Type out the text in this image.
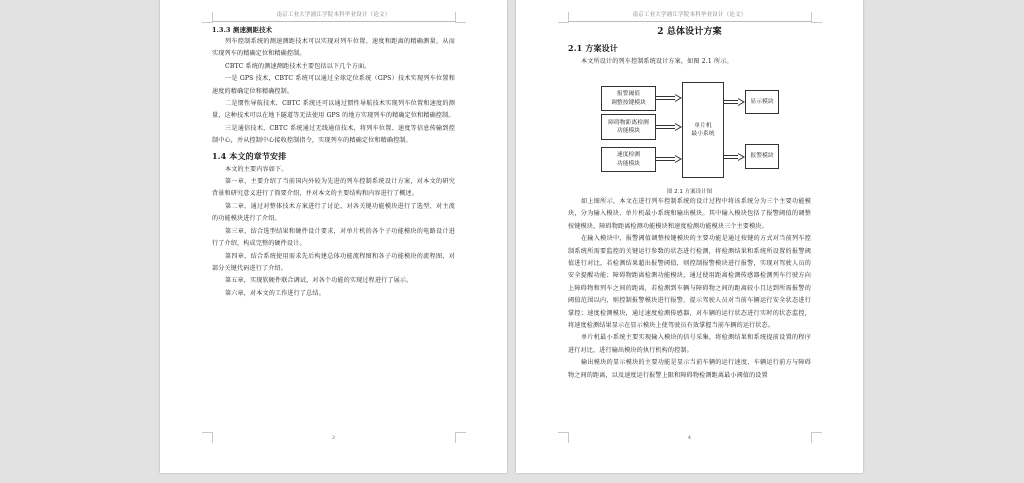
南京工业大学浦江学院本科毕业设计（论文）
1.3.3 测速测距技术

列车控制系统的测速测距技术可以实现对列车位置、速度和距离的精确测量，从而实现列车的精确定位和精确控制。

CBTC 系统的测速测距技术主要包括以下几个方面。

一是 GPS 技术，CBTC 系统可以通过全球定位系统（GPS）技术实现列车位置和速度的精确定位和精确控制。

二是惯性导航技术，CBTC 系统还可以通过惯性导航技术实现列车位置和速度的测量，这种技术可以在地下隧道等无法使用 GPS 的地方实现列车的精确定位和精确控制。

三是通信技术，CBTC 系统通过无线通信技术，将列车位置、速度等信息传输到控制中心，并从控制中心接收控制指令，实现列车的精确定位和精确控制。

1.4 本文的章节安排

本文的主要内容如下。

第一章，主要介绍了当前国内外较为先进的列车控制系统设计方案，对本文的研究背景和研究意义进行了简要介绍，并对本文的主要结构和内容进行了概述。

第二章，通过对整体技术方案进行了讨论，对各关键功能模块进行了选型，对主流的功能模块进行了介绍。

第三章，结合选型结果和硬件设计要求，对单片机的各个子功能模块的电路设计进行了介绍，构成完整的硬件设计。

第四章，结合系统使用需求先后构建总体功能流程图和各子功能模块的流程图，对部分关键代码进行了介绍。

第五章，实现软硬件联合调试，对各个功能的实现过程进行了展示。

第六章，对本文的工作进行了总结。

3
南京工业大学浦江学院本科毕业设计（论文）
2 总体设计方案
2.1 方案设计

本文所设计的列车控制系统设计方案，如图 2.1 所示。

报警阈值
调整按键模块
障碍物距离检测
功能模块
速度检测
功能模块
单片机
最小系统
显示模块
报警模块
图 2.1 方案设计图

如上图所示，本文在进行列车控制系统的设计过程中将该系统分为三个主要功能模块，分为输入模块、单片机最小系统和输出模块。其中输入模块包括了报警阈值的调整按键模块、障碍物距离检测功能模块和速度检测功能模块三个主要模块。

在输入模块中，报警阈值调整按键模块的主要功能是通过按键的方式对当前列车控制系统所需要监控的关键运行参数的状态进行检测，将检测结果和系统所设置的报警阈值进行对比，若检测结果超出报警阈值，则控制报警模块进行报警，实现对驾驶人员的安全提醒功能；障碍物距离检测功能模块，通过使用距离检测传感器检测列车行驶方向上障碍物和列车之间的距离，若检测到车辆与障碍物之间的距离较小且达到所需报警的阈值范围以内，则控制报警模块进行报警，提示驾驶人员对当前车辆运行安全状态进行掌控；速度检测模块，通过速度检测传感器，对车辆的运行状态进行实时的状态监控，将速度检测结果显示在显示模块上使驾驶员有效掌握当前车辆的运行状态。

单片机最小系统主要实现输入模块的信号采集，将检测结果和系统提前设置的程序进行对比，进行输出模块的执行机构的控制。

输出模块的显示模块的主要功能是显示当前车辆的运行速度、车辆运行前方与障碍物之间的距离，以及速度运行报警上限和障碍物检测距离最小阈值的设置

4
